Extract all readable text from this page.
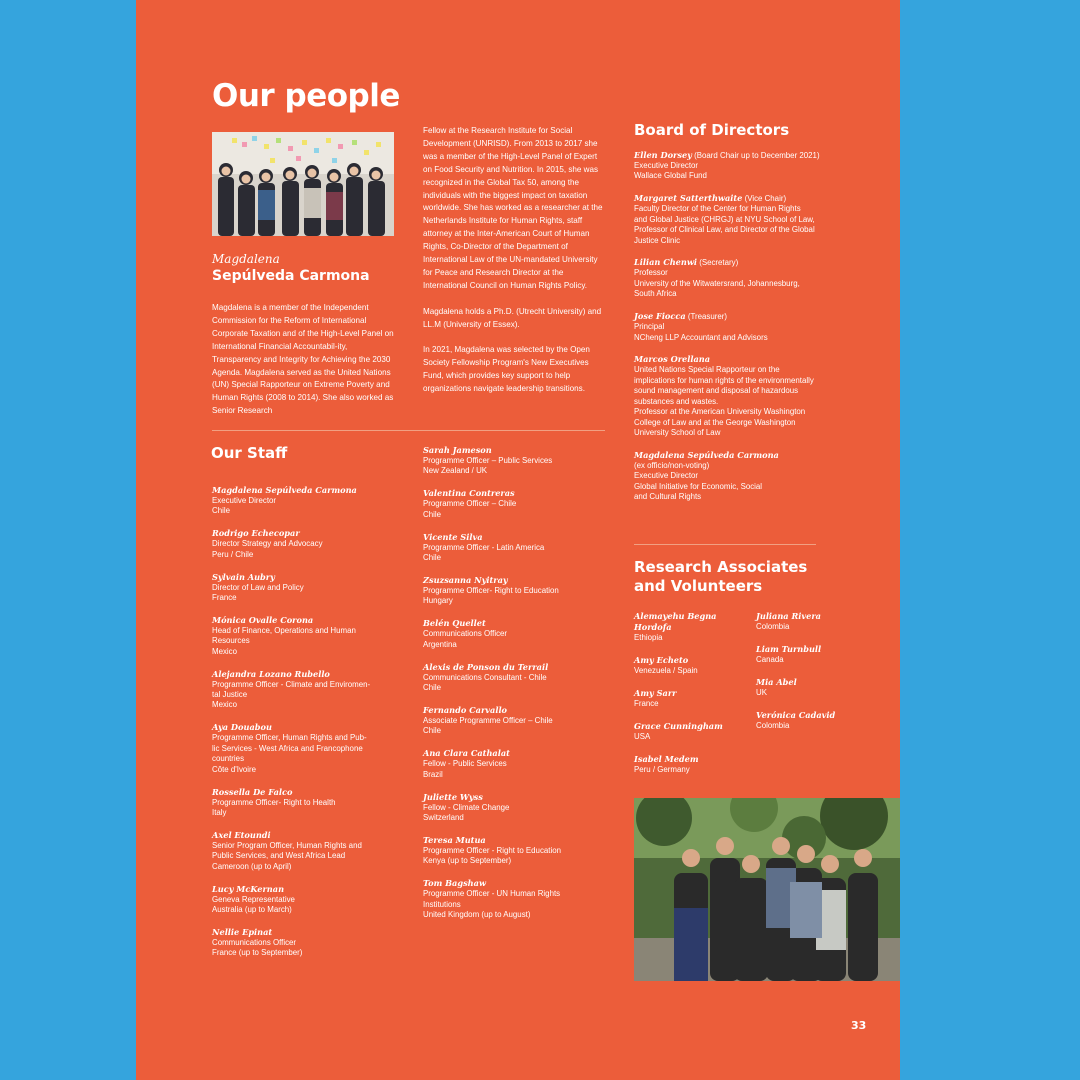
Our people
Magdalena
Sepúlveda Carmona
Magdalena is a member of the Independent Commission for the Reform of International Corporate Taxation and of the High-Level Panel on International Financial Accountabil-ity, Transparency and Integrity for Achieving the 2030 Agenda. Magdalena served as the United Nations (UN) Special Rapporteur on Extreme Poverty and Human Rights (2008 to 2014). She also worked as Senior Research

Fellow at the Research Institute for Social Development (UNRISD). From 2013 to 2017 she was a member of the High-Level Panel of Expert on Food Security and Nutrition. In 2015, she was recognized in the Global Tax 50, among the individuals with the biggest impact on taxation worldwide. She has worked as a researcher at the Netherlands Institute for Human Rights, staff attorney at the Inter-American Court of Human Rights, Co-Director of the Department of International Law of the UN-mandated University for Peace and Research Director at the International Council on Human Rights Policy.

Magdalena holds a Ph.D. (Utrecht University) and LL.M (University of Essex).

In 2021, Magdalena was selected by the Open Society Fellowship Program's New Executives Fund, which provides key support to help organizations navigate leadership transitions.

Our Staff
Magdalena Sepúlveda Carmona
Executive Director
Chile
Rodrigo Echecopar
Director Strategy and Advocacy
Peru / Chile
Sylvain Aubry
Director of Law and Policy
France
Mónica Ovalle Corona
Head of Finance, Operations and Human
Resources
Mexico
Alejandra Lozano Rubello
Programme Officer - Climate and Enviromen-
tal Justice
Mexico
Aya Douabou
Programme Officer, Human Rights and Pub-
lic Services - West Africa and Francophone
countries
Côte d'Ivoire
Rossella De Falco
Programme Officer- Right to Health
Italy
Axel Etoundi
Senior Program Officer, Human Rights and
Public Services, and West Africa Lead
Cameroon (up to April)
Lucy McKernan
Geneva Representative
Australia (up to March)
Nellie Epinat
Communications Officer
France (up to September)
Sarah Jameson
Programme Officer – Public Services
New Zealand / UK
Valentina Contreras
Programme Officer – Chile
Chile
Vicente Silva
Programme Officer - Latin America
Chile
Zsuzsanna Nyitray
Programme Officer- Right to Education
Hungary
Belén Quellet
Communications Officer
Argentina
Alexis de Ponson du Terrail
Communications Consultant - Chile
Chile
Fernando Carvallo
Associate Programme Officer – Chile
Chile
Ana Clara Cathalat
Fellow - Public Services
Brazil
Juliette Wyss
Fellow - Climate Change
Switzerland
Teresa Mutua
Programme Officer - Right to Education
Kenya (up to September)
Tom Bagshaw
Programme Officer - UN Human Rights
Institutions
United Kingdom (up to August)
Board of Directors
Ellen Dorsey (Board Chair up to December 2021)
Executive Director
Wallace Global Fund
Margaret Satterthwaite (Vice Chair)
Faculty Director of the Center for Human Rights
and Global Justice (CHRGJ) at NYU School of Law,
Professor of Clinical Law, and Director of the Global
Justice Clinic
Lilian Chenwi (Secretary)
Professor
University of the Witwatersrand, Johannesburg,
South Africa
Jose Fiocca (Treasurer)
Principal
NCheng LLP Accountant and Advisors
Marcos Orellana
United Nations Special Rapporteur on the
implications for human rights of the environmentally
sound management and disposal of hazardous
substances and wastes.
Professor at the American University Washington
College of Law and at the George Washington
University School of Law
Magdalena Sepúlveda Carmona
(ex officio/non-voting)
Executive Director
Global Initiative for Economic, Social
and Cultural Rights
Research Associates
and Volunteers
Alemayehu Begna Hordofa
Ethiopia
Amy Echeto
Venezuela / Spain
Amy Sarr
France
Grace Cunningham
USA
Isabel Medem
Peru / Germany
Juliana Rivera
Colombia
Liam Turnbull
Canada
Mia Abel
UK
Verónica Cadavid
Colombia
33
